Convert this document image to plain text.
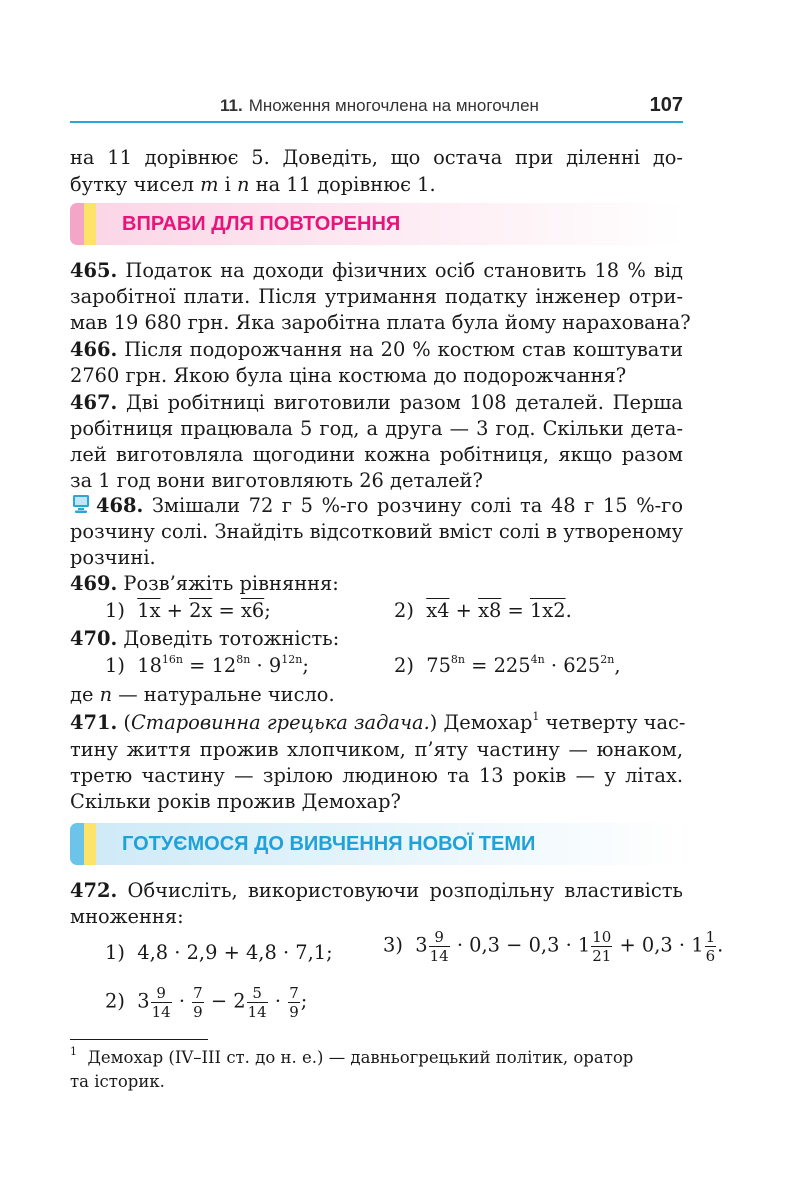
11. Множення многочлена на многочлен	107
на 11 дорівнює 5. Доведіть, що остача при діленні до-
бутку чисел m і n на 11 дорівнює 1.
ВПРАВИ ДЛЯ ПОВТОРЕННЯ
465. Податок на доходи фізичних осіб становить 18 % від
заробітної плати. Після утримання податку інженер отри-
мав 19 680 грн. Яка заробітна плата була йому нарахована?
466. Після подорожчання на 20 % костюм став коштувати
2760 грн. Якою була ціна костюма до подорожчання?
467. Дві робітниці виготовили разом 108 деталей. Перша
робітниця працювала 5 год, а друга — 3 год. Скільки дета-
лей виготовляла щогодини кожна робітниця, якщо разом
за 1 год вони виготовляють 26 деталей?
468. Змішали 72 г 5 %-го розчину солі та 48 г 15 %-го
розчину солі. Знайдіть відсотковий вміст солі в утвореному
розчині.
469. Розв’яжіть рівняння:
1) 1x + 2x = x6;	2) x4 + x8 = 1x2.
470. Доведіть тотожність:
1) $18^{16n} = 12^{8n} \cdot 9^{12n}$;	2) $75^{8n} = 225^{4n} \cdot 625^{2n}$,
де n — натуральне число.
471. (Старовинна грецька задача.) Демохар$^1$ четверту час-
тину життя прожив хлопчиком, п’яту частину — юнаком,
третю частину — зрілою людиною та 13 років — у літах.
Скільки років прожив Демохар?
ГОТУЄМОСЯ ДО ВИВЧЕННЯ НОВОЇ ТЕМИ
472. Обчисліть, використовуючи розподільну властивість
множення:
1) 4,8 · 2,9 + 4,8 · 7,1;	3) $3 \frac{9}{14} \cdot 0,3 - 0,3 \cdot 1 \frac{10}{21} + 0,3 \cdot 1 \frac{1}{6}$ .
2) $3 \frac{9}{14} \cdot \frac{7}{9} - 2 \frac{5}{14} \cdot \frac{7}{9}$ ;
$^1$ Демохар (IV–III ст. до н. е.) — давньогрецький політик, оратор
та історик.
